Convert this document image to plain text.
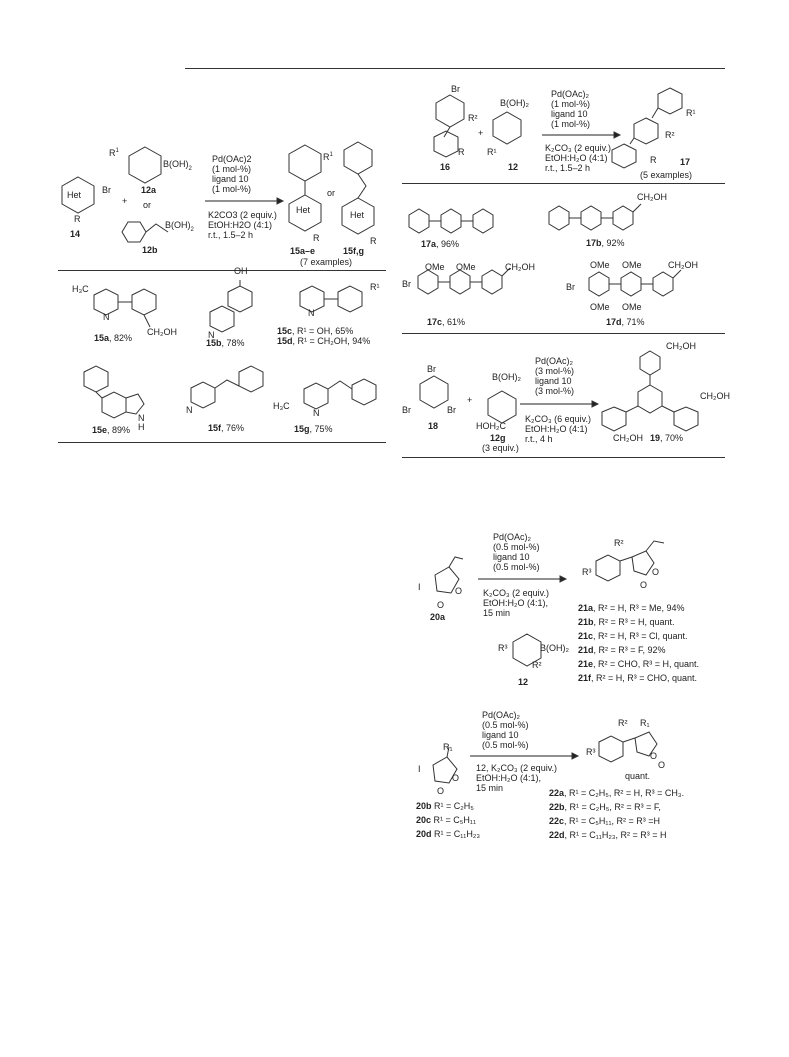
Het Br
R
14
+
$R^1$
$B(OH)_2$
12a
or
$B(OH)_2$
12b
Pd(OAc)2
(1 mol-%)
ligand 10
(1 mol-%)
K2CO3 (2 equiv.)
EtOH:H2O (4:1)
r.t., 1.5–2 h
$R^1$
Het
R
15a–e
or
Het
R
15f,g
(7 examples)
H₃C
N
CH₂OH
15a, 82%
OH
N
15b, 78%
R¹
N
15c, R¹ = OH, 65%
15d, R¹ = CH₂OH, 94%
N
H
15e, 89%
N
15f, 76%
H₃C
N
15g, 75%
Br
R²
R
16
+
B(OH)₂
R¹
12
Pd(OAc)₂
(1 mol-%)
ligand 10
(1 mol-%)
K₂CO₃ (2 equiv.)
EtOH:H₂O (4:1)
r.t., 1.5–2 h
R¹
R²
R	17
(5 examples)
17a, 96%
CH₂OH
17b, 92%
OMe OMe	CH₂OH
Br
17c, 61%
OMe OMe	CH₂OH
Br
OMe OMe
17d, 71%
Br
Br	Br
18
+
B(OH)₂
HOH₂C
12g
(3 equiv.)
Pd(OAc)₂
(3 mol-%)
ligand 10
(3 mol-%)
K₂CO₃ (6 equiv.)
EtOH:H₂O (4:1)
r.t., 4 h
CH₂OH
CH₂OH
CH₂OH 19, 70%
I	O
O
20a
Pd(OAc)₂
(0.5 mol-%)
ligand 10
(0.5 mol-%)
K₂CO₃ (2 equiv.)
EtOH:H₂O (4:1),
15 min
R²
R³	O
O
21a, R² = H, R³ = Me, 94%
21b, R² = R³ = H, quant.
21c, R² = H, R³ = Cl, quant.
21d, R² = R³ = F, 92%
21e, R² = CHO, R³ = H, quant.
21f, R² = H, R³ = CHO, quant.
R³	B(OH)₂
R²
12
R₁
I
O
O
Pd(OAc)₂
(0.5 mol-%)
ligand 10
(0.5 mol-%)
12, K₂CO₃ (2 equiv.)
EtOH:H₂O (4:1),
15 min
R² R₁
R³	O
O
quant.
20b R¹ = C₂H₅
20c R¹ = C₅H₁₁
20d R¹ = C₁₁H₂₃
22a, R¹ = C₂H₅, R² = H, R³ = CH₃.
22b, R¹ = C₂H₅, R² = R³ = F,
22c, R¹ = C₅H₁₁, R² = R³ =H
22d, R¹ = C₁₁H₂₃, R² = R³ = H
